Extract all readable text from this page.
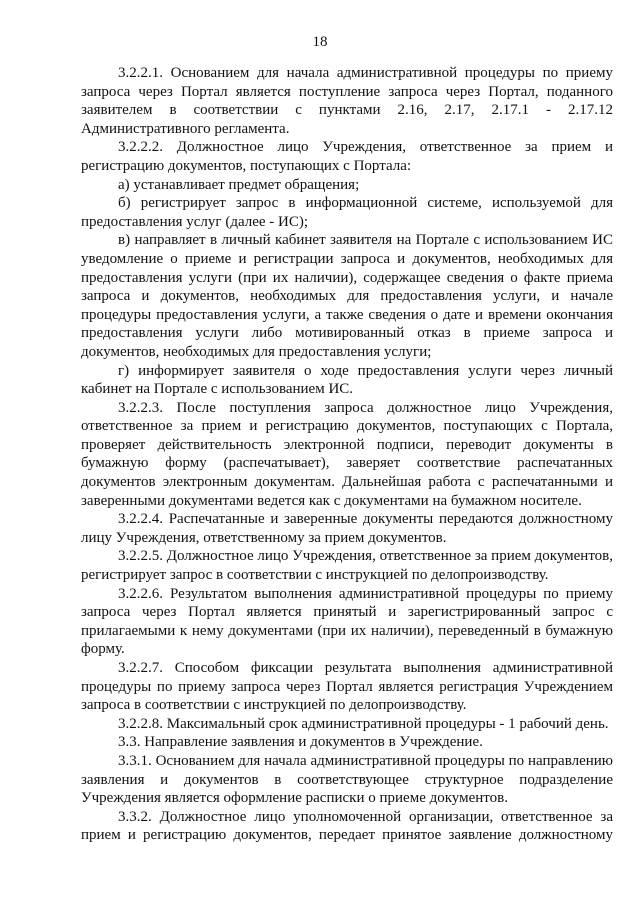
18

3.2.2.1. Основанием для начала административной процедуры по приему запроса через Портал является поступление запроса через Портал, поданного заявителем в соответствии с пунктами 2.16, 2.17, 2.17.1 - 2.17.12 Административного регламента.

3.2.2.2. Должностное лицо Учреждения, ответственное за прием и регистрацию документов, поступающих с Портала:

а) устанавливает предмет обращения;

б) регистрирует запрос в информационной системе, используемой для предоставления услуг (далее - ИС);

в) направляет в личный кабинет заявителя на Портале с использованием ИС уведомление о приеме и регистрации запроса и документов, необходимых для предоставления услуги (при их наличии), содержащее сведения о факте приема запроса и документов, необходимых для предоставления услуги, и начале процедуры предоставления услуги, а также сведения о дате и времени окончания предоставления услуги либо мотивированный отказ в приеме запроса и документов, необходимых для предоставления услуги;

г) информирует заявителя о ходе предоставления услуги через личный кабинет на Портале с использованием ИС.

3.2.2.3. После поступления запроса должностное лицо Учреждения, ответственное за прием и регистрацию документов, поступающих с Портала, проверяет действительность электронной подписи, переводит документы в бумажную форму (распечатывает), заверяет соответствие распечатанных документов электронным документам. Дальнейшая работа с распечатанными и заверенными документами ведется как с документами на бумажном носителе.

3.2.2.4. Распечатанные и заверенные документы передаются должностному лицу Учреждения, ответственному за прием документов.

3.2.2.5. Должностное лицо Учреждения, ответственное за прием документов, регистрирует запрос в соответствии с инструкцией по делопроизводству.

3.2.2.6. Результатом выполнения административной процедуры по приему запроса через Портал является принятый и зарегистрированный запрос с прилагаемыми к нему документами (при их наличии), переведенный в бумажную форму.

3.2.2.7. Способом фиксации результата выполнения административной процедуры по приему запроса через Портал является регистрация Учреждением запроса в соответствии с инструкцией по делопроизводству.

3.2.2.8. Максимальный срок административной процедуры - 1 рабочий день.

3.3. Направление заявления и документов в Учреждение.

3.3.1. Основанием для начала административной процедуры по направлению заявления и документов в соответствующее структурное подразделение Учреждения является оформление расписки о приеме документов.

3.3.2. Должностное лицо уполномоченной организации, ответственное за прием и регистрацию документов, передает принятое заявление должностному
